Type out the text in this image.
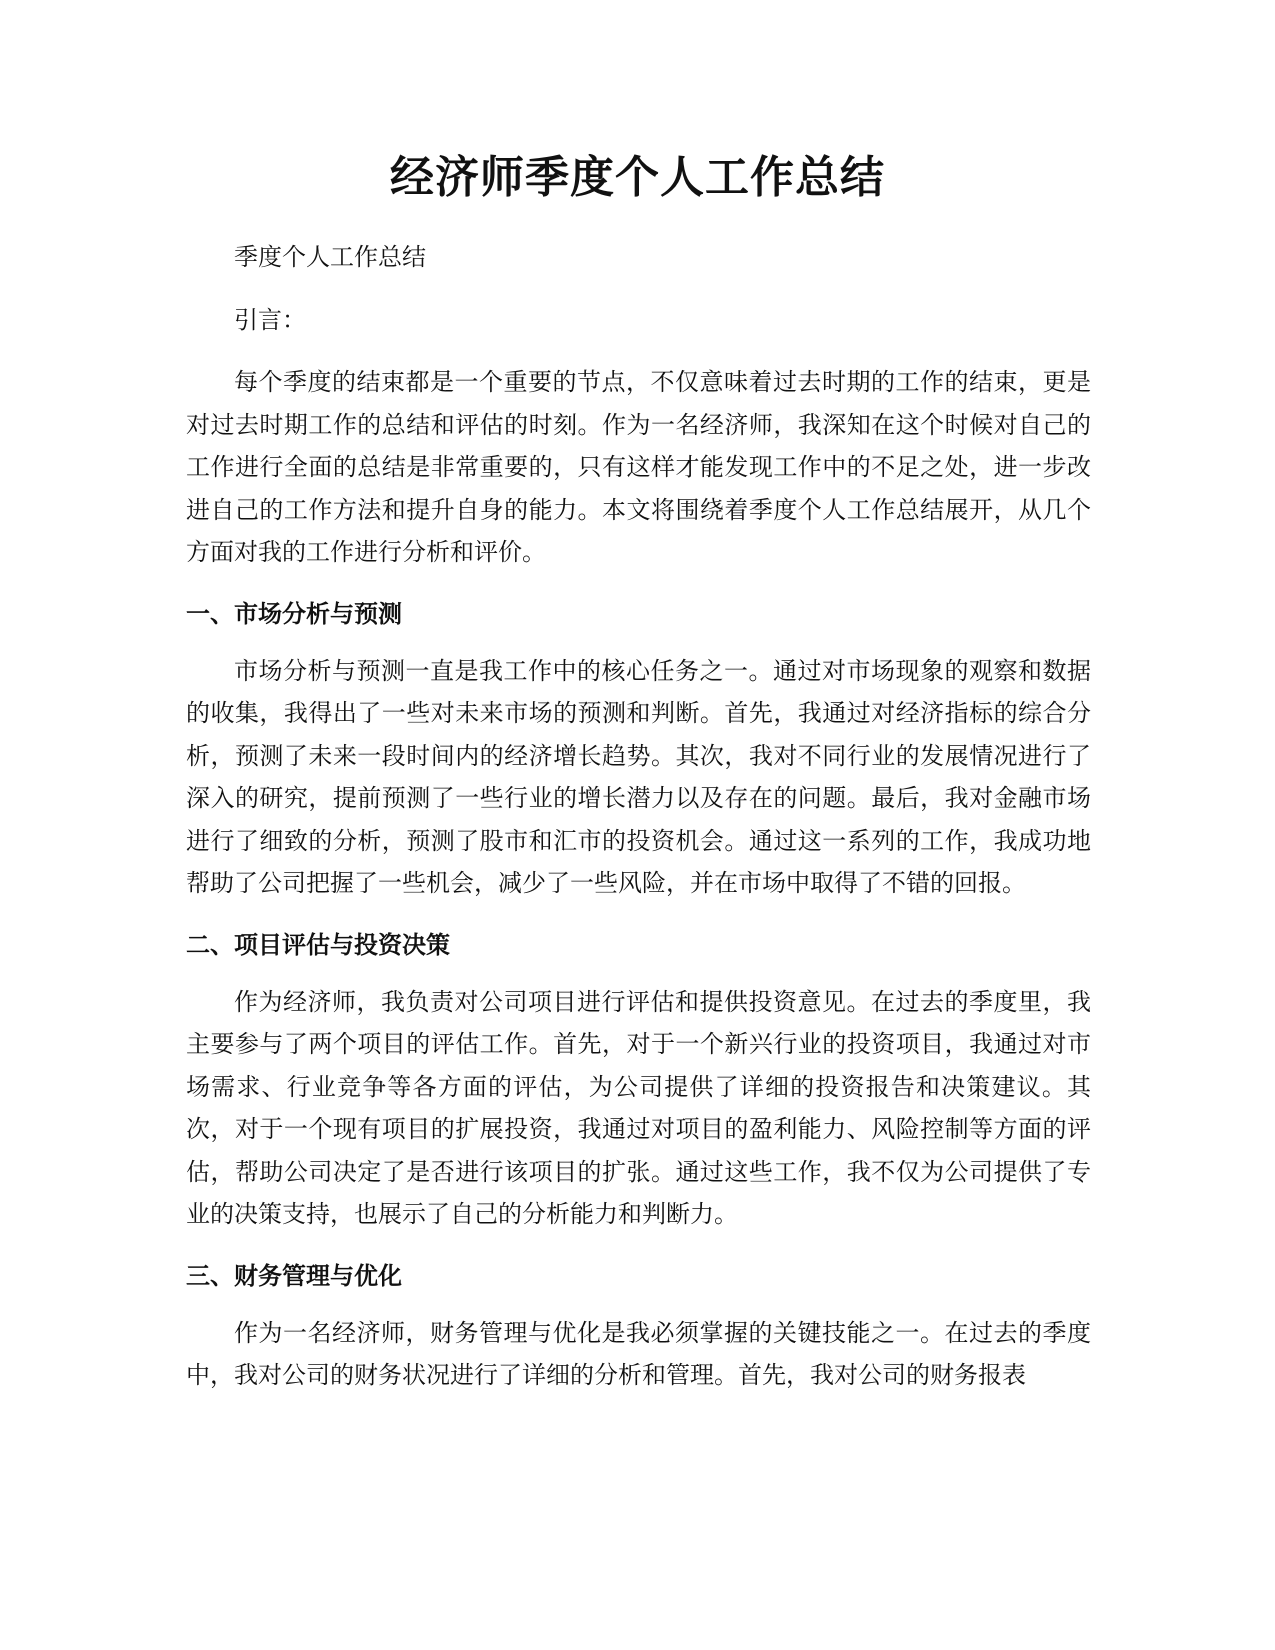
经济师季度个人工作总结

季度个人工作总结

引言：

每个季度的结束都是一个重要的节点，不仅意味着过去时期的工作的结束，更是对过去时期工作的总结和评估的时刻。作为一名经济师，我深知在这个时候对自己的工作进行全面的总结是非常重要的，只有这样才能发现工作中的不足之处，进一步改进自己的工作方法和提升自身的能力。本文将围绕着季度个人工作总结展开，从几个方面对我的工作进行分析和评价。

一、市场分析与预测

市场分析与预测一直是我工作中的核心任务之一。通过对市场现象的观察和数据的收集，我得出了一些对未来市场的预测和判断。首先，我通过对经济指标的综合分析，预测了未来一段时间内的经济增长趋势。其次，我对不同行业的发展情况进行了深入的研究，提前预测了一些行业的增长潜力以及存在的问题。最后，我对金融市场进行了细致的分析，预测了股市和汇市的投资机会。通过这一系列的工作，我成功地帮助了公司把握了一些机会，减少了一些风险，并在市场中取得了不错的回报。

二、项目评估与投资决策

作为经济师，我负责对公司项目进行评估和提供投资意见。在过去的季度里，我主要参与了两个项目的评估工作。首先，对于一个新兴行业的投资项目，我通过对市场需求、行业竞争等各方面的评估，为公司提供了详细的投资报告和决策建议。其次，对于一个现有项目的扩展投资，我通过对项目的盈利能力、风险控制等方面的评估，帮助公司决定了是否进行该项目的扩张。通过这些工作，我不仅为公司提供了专业的决策支持，也展示了自己的分析能力和判断力。

三、财务管理与优化

作为一名经济师，财务管理与优化是我必须掌握的关键技能之一。在过去的季度中，我对公司的财务状况进行了详细的分析和管理。首先，我对公司的财务报表
